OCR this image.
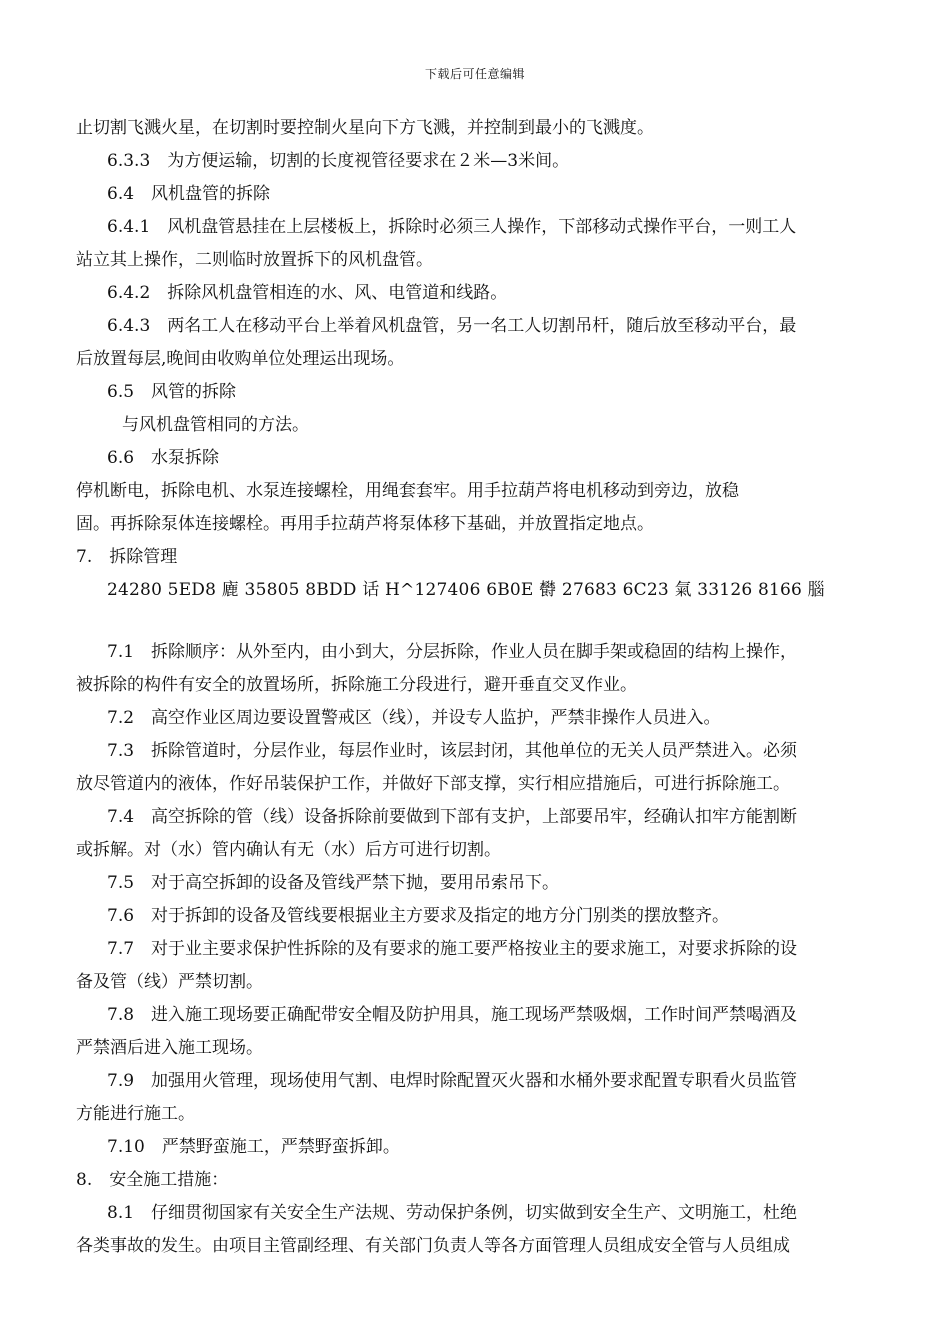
下载后可任意编辑
止切割飞溅火星，在切割时要控制火星向下方飞溅，并控制到最小的飞溅度。
6.3.3　为方便运输，切割的长度视管径要求在２米—3米间。
6.4　风机盘管的拆除
6.4.1　风机盘管悬挂在上层楼板上，拆除时必须三人操作，下部移动式操作平台，一则工人
站立其上操作，二则临时放置拆下的风机盘管。
6.4.2　拆除风机盘管相连的水、风、电管道和线路。
6.4.3　两名工人在移动平台上举着风机盘管，另一名工人切割吊杆，随后放至移动平台，最
后放置每层,晚间由收购单位处理运出现场。
6.5　风管的拆除
与风机盘管相同的方法。
6.6　水泵拆除
停机断电，拆除电机、水泵连接螺栓，用绳套套牢。用手拉葫芦将电机移动到旁边，放稳
固。再拆除泵体连接螺栓。再用手拉葫芦将泵体移下基础，并放置指定地点。
7.　拆除管理
24280 5ED8 廘 35805 8BDD 话 H^127406 6B0E 欎 27683 6C23 氣 33126 8166 腦
7.1　拆除顺序：从外至内，由小到大，分层拆除，作业人员在脚手架或稳固的结构上操作，
被拆除的构件有安全的放置场所，拆除施工分段进行，避开垂直交叉作业。
7.2　高空作业区周边要设置警戒区（线），并设专人监护，严禁非操作人员进入。
7.3　拆除管道时，分层作业，每层作业时，该层封闭，其他单位的无关人员严禁进入。必须
放尽管道内的液体，作好吊装保护工作，并做好下部支撑，实行相应措施后，可进行拆除施工。
7.4　高空拆除的管（线）设备拆除前要做到下部有支护，上部要吊牢，经确认扣牢方能割断
或拆解。对（水）管内确认有无（水）后方可进行切割。
7.5　对于高空拆卸的设备及管线严禁下抛，要用吊索吊下。
7.6　对于拆卸的设备及管线要根据业主方要求及指定的地方分门别类的摆放整齐。
7.7　对于业主要求保护性拆除的及有要求的施工要严格按业主的要求施工，对要求拆除的设
备及管（线）严禁切割。
7.8　进入施工现场要正确配带安全帽及防护用具，施工现场严禁吸烟，工作时间严禁喝酒及
严禁酒后进入施工现场。
7.9　加强用火管理，现场使用气割、电焊时除配置灭火器和水桶外要求配置专职看火员监管
方能进行施工。
7.10　严禁野蛮施工，严禁野蛮拆卸。
8.　安全施工措施：
8.1　仔细贯彻国家有关安全生产法规、劳动保护条例，切实做到安全生产、文明施工，杜绝
各类事故的发生。由项目主管副经理、有关部门负责人等各方面管理人员组成安全管与人员组成
